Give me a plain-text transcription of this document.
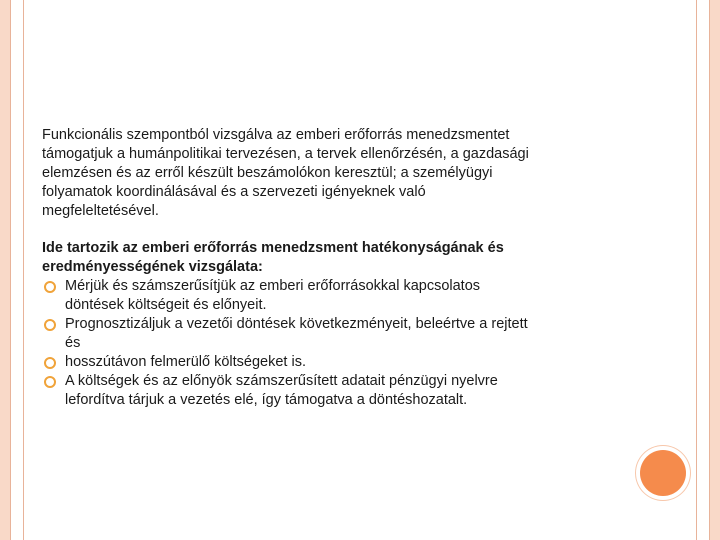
Funkcionális szempontból vizsgálva az emberi erőforrás menedzsmentet
támogatjuk a humánpolitikai tervezésen, a tervek ellenőrzésén, a gazdasági
elemzésen és az erről készült beszámolókon keresztül; a személyügyi
folyamatok koordinálásával és a szervezeti igényeknek való
megfeleltetésével.

Ide tartozik az emberi erőforrás menedzsment hatékonyságának és
eredményességének vizsgálata:

Mérjük és számszerűsítjük az emberi erőforrásokkal kapcsolatos
döntések költségeit és előnyeit.
Prognosztizáljuk a vezetői döntések következményeit, beleértve a rejtett
és
hosszútávon felmerülő költségeket is.
A költségek és az előnyök számszerűsített adatait pénzügyi nyelvre
lefordítva tárjuk a vezetés elé, így támogatva a döntéshozatalt.
